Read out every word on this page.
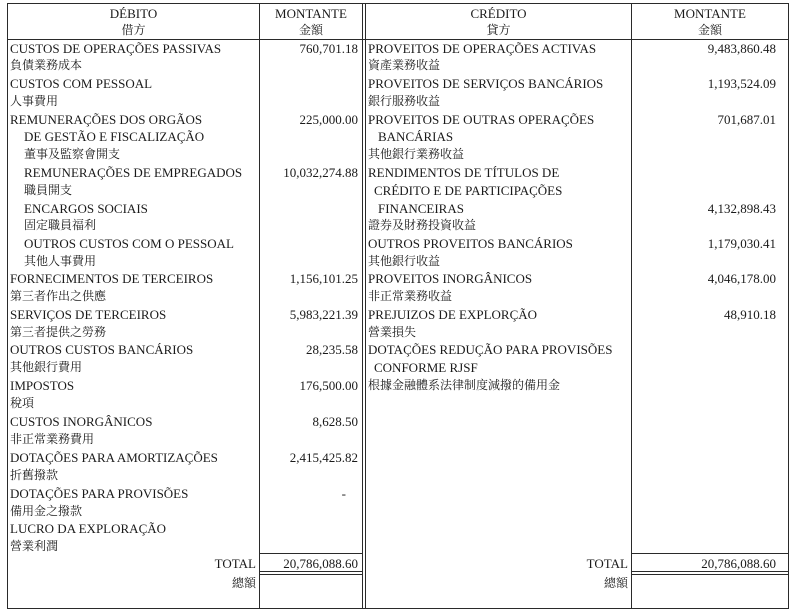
DÉBITO
借方
MONTANTE
金額
CRÉDITO
貸方
MONTANTE
金額
CUSTOS DE OPERAÇÕES PASSIVAS	760,701.18
負債業務成本
CUSTOS COM PESSOAL
人事費用
REMUNERAÇÕES DOS ORGÃOS	225,000.00
DE GESTÃO E FISCALIZAÇÃO
董事及監察會開支
REMUNERAÇÕES DE EMPREGADOS	10,032,274.88
職員開支
ENCARGOS SOCIAIS
固定職員福利
OUTROS CUSTOS COM O PESSOAL
其他人事費用
FORNECIMENTOS DE TERCEIROS	1,156,101.25
第三者作出之供應
SERVIÇOS DE TERCEIROS	5,983,221.39
第三者提供之勞務
OUTROS CUSTOS BANCÁRIOS	28,235.58
其他銀行費用
IMPOSTOS	176,500.00
稅項
CUSTOS INORGÂNICOS	8,628.50
非正常業務費用
DOTAÇÕES PARA AMORTIZAÇÕES	2,415,425.82
折舊撥款
DOTAÇÕES PARA PROVISÕES	-
備用金之撥款
LUCRO DA EXPLORAÇÃO
營業利潤
TOTAL	20,786,088.60
總額
PROVEITOS DE OPERAÇÕES ACTIVAS	9,483,860.48
資產業務收益
PROVEITOS DE SERVIÇOS BANCÁRIOS	1,193,524.09
銀行服務收益
PROVEITOS DE OUTRAS OPERAÇÕES	701,687.01
BANCÁRIAS
其他銀行業務收益
RENDIMENTOS DE TÍTULOS DE
CRÉDITO E DE PARTICIPAÇÕES
FINANCEIRAS	4,132,898.43
證券及財務投資收益
OUTROS PROVEITOS BANCÁRIOS	1,179,030.41
其他銀行收益
PROVEITOS INORGÂNICOS	4,046,178.00
非正常業務收益
PREJUIZOS DE EXPLORÇÃO	48,910.18
營業損失
DOTAÇÕES REDUÇÃO PARA PROVISÕES
CONFORME RJSF
根據金融體系法律制度減撥的備用金
TOTAL	20,786,088.60
總額
